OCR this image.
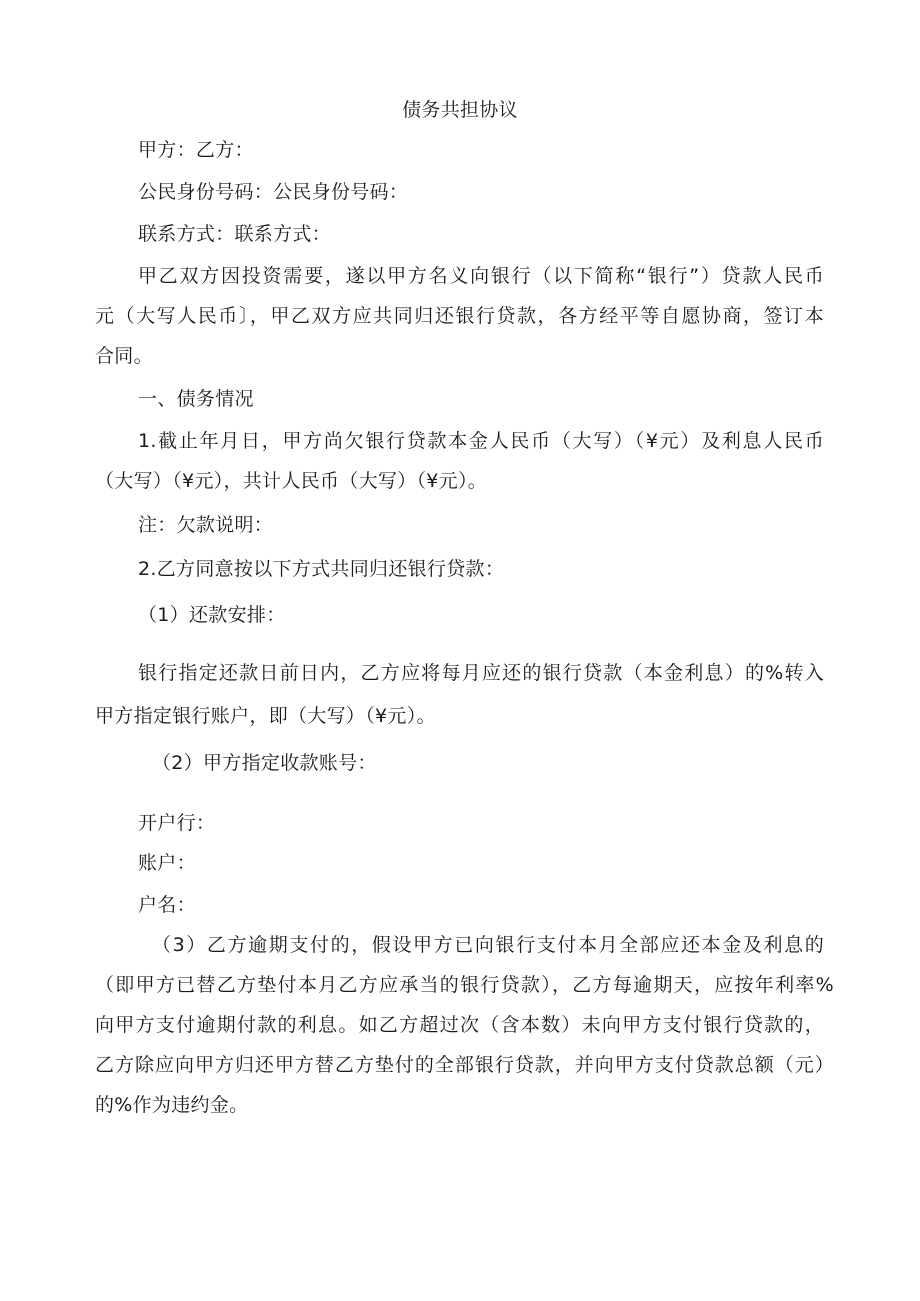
债务共担协议
甲方：乙方：
公民身份号码：公民身份号码：
联系方式：联系方式：
甲乙双方因投资需要，遂以甲方名义向银行（以下简称“银行”）贷款人民币
元（大写人民币〕，甲乙双方应共同归还银行贷款，各方经平等自愿协商，签订本
合同。
一、债务情况
1.截止年月日，甲方尚欠银行贷款本金人民币（大写）（¥元）及利息人民币
（大写）（¥元），共计人民币（大写）（¥元）。
注：欠款说明：
2.乙方同意按以下方式共同归还银行贷款：
（1）还款安排：
银行指定还款日前日内，乙方应将每月应还的银行贷款（本金利息）的%转入
甲方指定银行账户，即（大写）（¥元）。
（2）甲方指定收款账号：
开户行：
账户：
户名：
（3）乙方逾期支付的，假设甲方已向银行支付本月全部应还本金及利息的
（即甲方已替乙方垫付本月乙方应承当的银行贷款），乙方每逾期天，应按年利率%
向甲方支付逾期付款的利息。如乙方超过次（含本数）未向甲方支付银行贷款的，
乙方除应向甲方归还甲方替乙方垫付的全部银行贷款，并向甲方支付贷款总额（元）
的%作为违约金。
